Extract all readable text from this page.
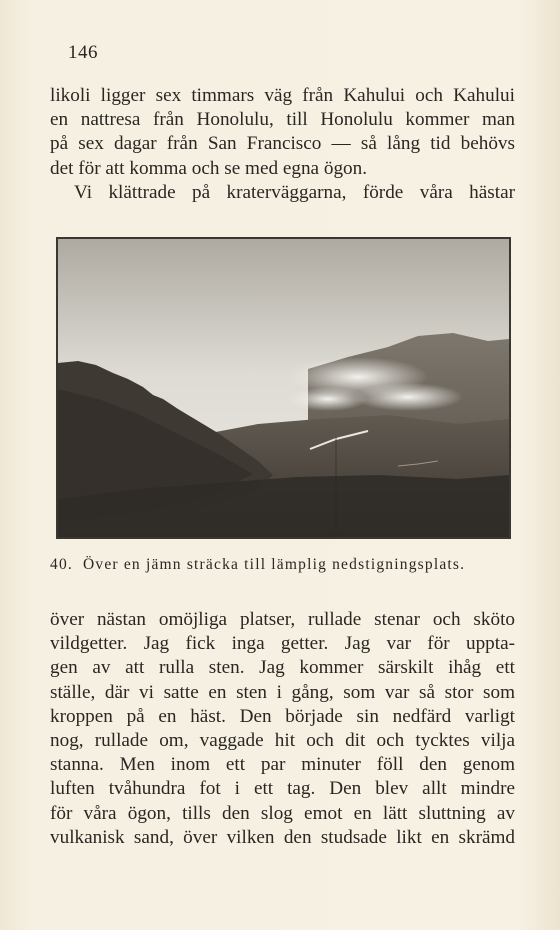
146
likoli ligger sex timmars väg från Kahului och Kahului
en nattresa från Honolulu, till Honolulu kommer man
på sex dagar från San Francisco — så lång tid behövs
det för att komma och se med egna ögon.
Vi klättrade på kraterväggarna, förde våra hästar
40. Över en jämn sträcka till lämplig nedstigningsplats.
över nästan omöjliga platser, rullade stenar och sköto
vildgetter. Jag fick inga getter. Jag var för uppta-
gen av att rulla sten. Jag kommer särskilt ihåg ett
ställe, där vi satte en sten i gång, som var så stor som
kroppen på en häst. Den började sin nedfärd varligt
nog, rullade om, vaggade hit och dit och tycktes vilja
stanna. Men inom ett par minuter föll den genom
luften tvåhundra fot i ett tag. Den blev allt mindre
för våra ögon, tills den slog emot en lätt sluttning av
vulkanisk sand, över vilken den studsade likt en skrämd
